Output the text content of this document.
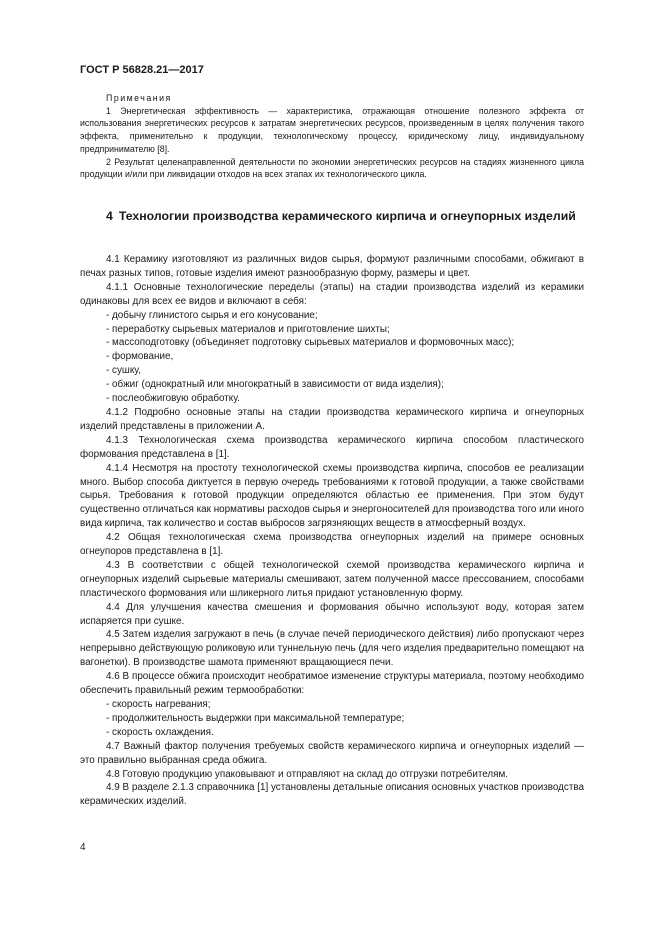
ГОСТ Р 56828.21—2017
Примечания

1 Энергетическая эффективность — характеристика, отражающая отношение полезного эффекта от использования энергетических ресурсов к затратам энергетических ресурсов, произведенным в целях получения такого эффекта, применительно к продукции, технологическому процессу, юридическому лицу, индивидуальному предпринимателю [8].

2 Результат целенаправленной деятельности по экономии энергетических ресурсов на стадиях жизненного цикла продукции и/или при ликвидации отходов на всех этапах их технологического цикла.

4 Технологии производства керамического кирпича и огнеупорных изделий

4.1 Керамику изготовляют из различных видов сырья, формуют различными способами, обжигают в печах разных типов, готовые изделия имеют разнообразную форму, размеры и цвет.

4.1.1 Основные технологические переделы (этапы) на стадии производства изделий из керамики одинаковы для всех ее видов и включают в себя:

- добычу глинистого сырья и его конусование;
- переработку сырьевых материалов и приготовление шихты;
- массоподготовку (объединяет подготовку сырьевых материалов и формовочных масс);
- формование,
- сушку,
- обжиг (однократный или многократный в зависимости от вида изделия);
- послеобжиговую обработку.

4.1.2 Подробно основные этапы на стадии производства керамического кирпича и огнеупорных изделий представлены в приложении А.

4.1.3 Технологическая схема производства керамического кирпича способом пластического формования представлена в [1].

4.1.4 Несмотря на простоту технологической схемы производства кирпича, способов ее реализации много. Выбор способа диктуется в первую очередь требованиями к готовой продукции, а также свойствами сырья. Требования к готовой продукции определяются областью ее применения. При этом будут существенно отличаться как нормативы расходов сырья и энергоносителей для производства того или иного вида кирпича, так количество и состав выбросов загрязняющих веществ в атмосферный воздух.

4.2 Общая технологическая схема производства огнеупорных изделий на примере основных огнеупоров представлена в [1].

4.3 В соответствии с общей технологической схемой производства керамического кирпича и огнеупорных изделий сырьевые материалы смешивают, затем полученной массе прессованием, способами пластического формования или шликерного литья придают установленную форму.

4.4 Для улучшения качества смешения и формования обычно используют воду, которая затем испаряется при сушке.

4.5 Затем изделия загружают в печь (в случае печей периодического действия) либо пропускают через непрерывно действующую роликовую или туннельную печь (для чего изделия предварительно помещают на вагонетки). В производстве шамота применяют вращающиеся печи.

4.6 В процессе обжига происходит необратимое изменение структуры материала, поэтому необходимо обеспечить правильный режим термообработки:

- скорость нагревания;
- продолжительность выдержки при максимальной температуре;
- скорость охлаждения.

4.7 Важный фактор получения требуемых свойств керамического кирпича и огнеупорных изделий — это правильно выбранная среда обжига.

4.8 Готовую продукцию упаковывают и отправляют на склад до отгрузки потребителям.

4.9 В разделе 2.1.3 справочника [1] установлены детальные описания основных участков производства керамических изделий.

4
